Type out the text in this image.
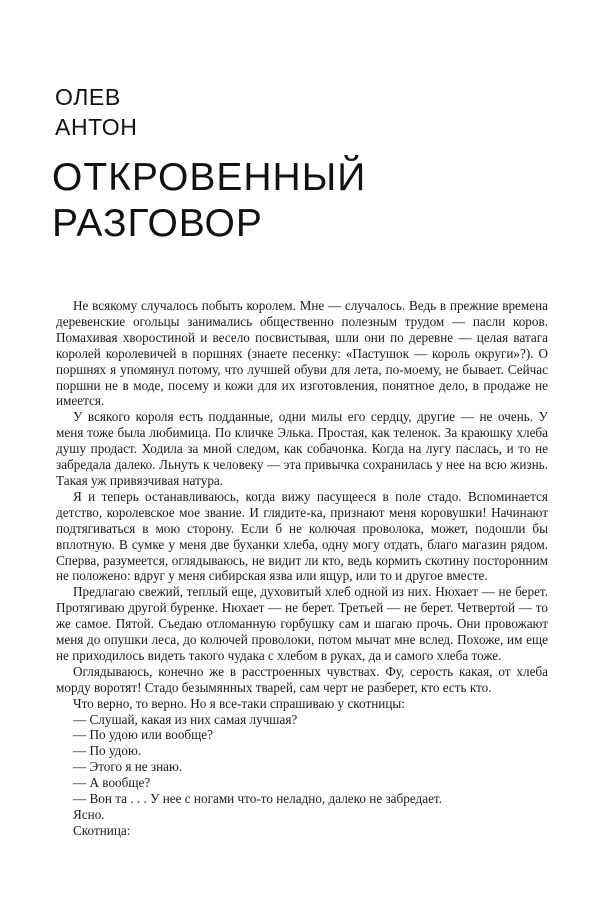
ОЛЕВ
АНТОН
ОТКРОВЕННЫЙ
РАЗГОВОР

Не всякому случалось побыть королем. Мне — случалось. Ведь в прежние времена деревенские огольцы занимались общественно полезным трудом — пасли коров. Помахивая хворостиной и весело посвистывая, шли они по деревне — целая ватага королей королевичей в поршнях (знаете песенку: «Пастушок — король округи»?). О поршнях я упомянул потому, что лучшей обуви для лета, по-моему, не бывает. Сейчас поршни не в моде, посему и кожи для их изготовления, понятное дело, в продаже не имеется.

У всякого короля есть подданные, одни милы его сердцу, другие — не очень. У меня тоже была любимица. По кличке Элька. Простая, как теленок. За краюшку хлеба душу продаст. Ходила за мной следом, как собачонка. Когда на лугу паслась, и то не забредала далеко. Льнуть к человеку — эта привычка сохранилась у нее на всю жизнь. Такая уж привязчивая натура.

Я и теперь останавливаюсь, когда вижу пасущееся в поле стадо. Вспоминается детство, королевское мое звание. И глядите-ка, признают меня коровушки! Начинают подтягиваться в мою сторону. Если б не колючая проволока, может, подошли бы вплотную. В сумке у меня две буханки хлеба, одну могу отдать, благо магазин рядом. Сперва, разумеется, оглядываюсь, не видит ли кто, ведь кормить скотину посторонним не положено: вдруг у меня сибирская язва или ящур, или то и другое вместе.

Предлагаю свежий, теплый еще, духовитый хлеб одной из них. Нюхает — не берет. Протягиваю другой буренке. Нюхает — не берет. Третьей — не берет. Четвертой — то же самое. Пятой. Съедаю отломанную горбушку сам и шагаю прочь. Они провожают меня до опушки леса, до колючей проволоки, потом мычат мне вслед. Похоже, им еще не приходилось видеть такого чудака с хлебом в руках, да и самого хлеба тоже.

Оглядываюсь, конечно же в расстроенных чувствах. Фу, серость какая, от хлеба морду воротят! Стадо безымянных тварей, сам черт не разберет, кто есть кто.

Что верно, то верно. Но я все-таки спрашиваю у скотницы:

— Слушай, какая из них самая лучшая?

— По удою или вообще?

— По удою.

— Этого я не знаю.

— А вообще?

— Вон та . . . У нее с ногами что-то неладно, далеко не забредает.

Ясно.

Скотница:
